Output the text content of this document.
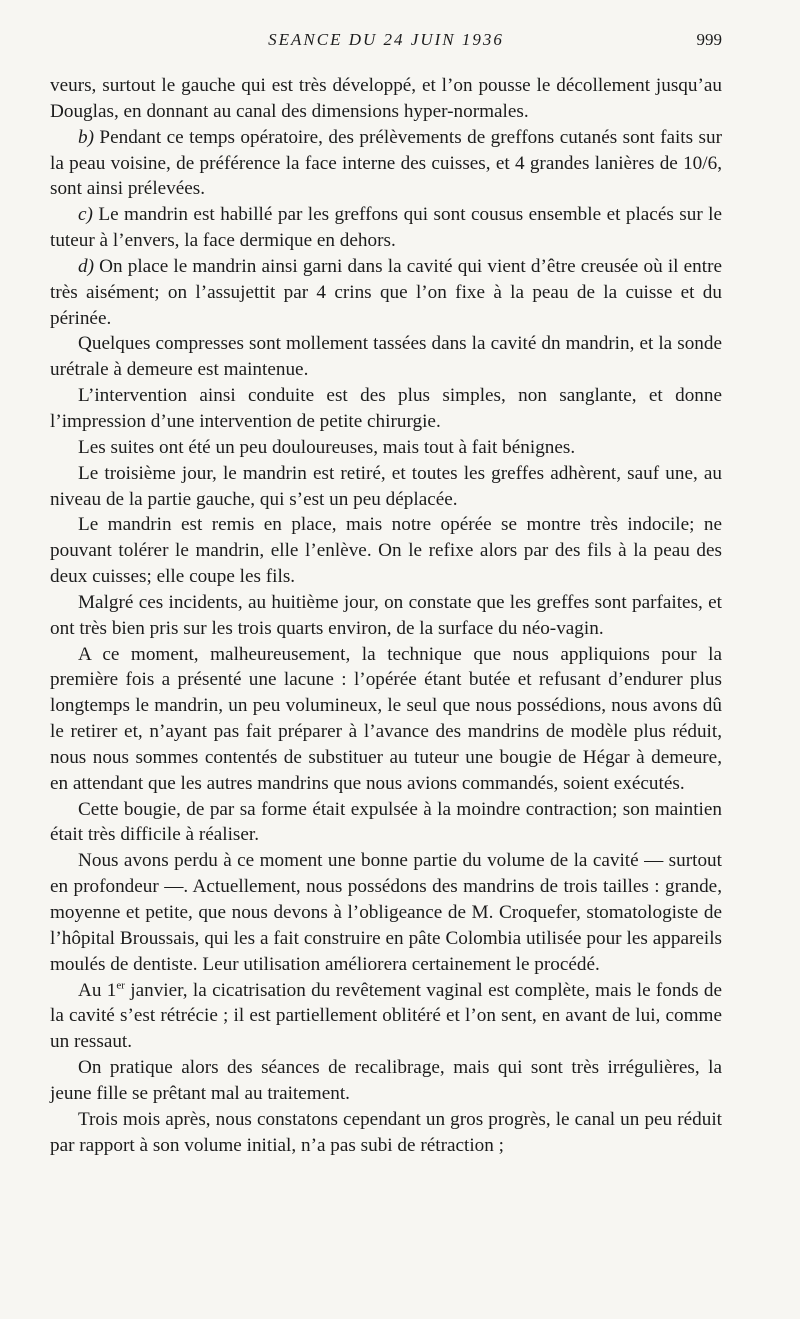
SEANCE DU 24 JUIN 1936	999

veurs, surtout le gauche qui est très développé, et l’on pousse le décollement jusqu’au Douglas, en donnant au canal des dimensions hyper-normales.

b) Pendant ce temps opératoire, des prélèvements de greffons cutanés sont faits sur la peau voisine, de préférence la face interne des cuisses, et 4 grandes lanières de 10/6, sont ainsi prélevées.

c) Le mandrin est habillé par les greffons qui sont cousus ensemble et placés sur le tuteur à l’envers, la face dermique en dehors.

d) On place le mandrin ainsi garni dans la cavité qui vient d’être creusée où il entre très aisément; on l’assujettit par 4 crins que l’on fixe à la peau de la cuisse et du périnée.

Quelques compresses sont mollement tassées dans la cavité dn mandrin, et la sonde urétrale à demeure est maintenue.

L’intervention ainsi conduite est des plus simples, non sanglante, et donne l’impression d’une intervention de petite chirurgie.

Les suites ont été un peu douloureuses, mais tout à fait bénignes.

Le troisième jour, le mandrin est retiré, et toutes les greffes adhèrent, sauf une, au niveau de la partie gauche, qui s’est un peu déplacée.

Le mandrin est remis en place, mais notre opérée se montre très indocile; ne pouvant tolérer le mandrin, elle l’enlève. On le refixe alors par des fils à la peau des deux cuisses; elle coupe les fils.

Malgré ces incidents, au huitième jour, on constate que les greffes sont parfaites, et ont très bien pris sur les trois quarts environ, de la surface du néo-vagin.

A ce moment, malheureusement, la technique que nous appliquions pour la première fois a présenté une lacune : l’opérée étant butée et refusant d’endurer plus longtemps le mandrin, un peu volumineux, le seul que nous possédions, nous avons dû le retirer et, n’ayant pas fait préparer à l’avance des mandrins de modèle plus réduit, nous nous sommes contentés de substituer au tuteur une bougie de Hégar à demeure, en attendant que les autres mandrins que nous avions commandés, soient exécutés.

Cette bougie, de par sa forme était expulsée à la moindre contraction; son maintien était très difficile à réaliser.

Nous avons perdu à ce moment une bonne partie du volume de la cavité — surtout en profondeur —. Actuellement, nous possédons des mandrins de trois tailles : grande, moyenne et petite, que nous devons à l’obligeance de M. Croquefer, stomatologiste de l’hôpital Broussais, qui les a fait construire en pâte Colombia utilisée pour les appareils moulés de dentiste. Leur utilisation améliorera certainement le procédé.

Au 1er janvier, la cicatrisation du revêtement vaginal est complète, mais le fonds de la cavité s’est rétrécie ; il est partiellement oblitéré et l’on sent, en avant de lui, comme un ressaut.

On pratique alors des séances de recalibrage, mais qui sont très irrégulières, la jeune fille se prêtant mal au traitement.

Trois mois après, nous constatons cependant un gros progrès, le canal un peu réduit par rapport à son volume initial, n’a pas subi de rétraction ;
